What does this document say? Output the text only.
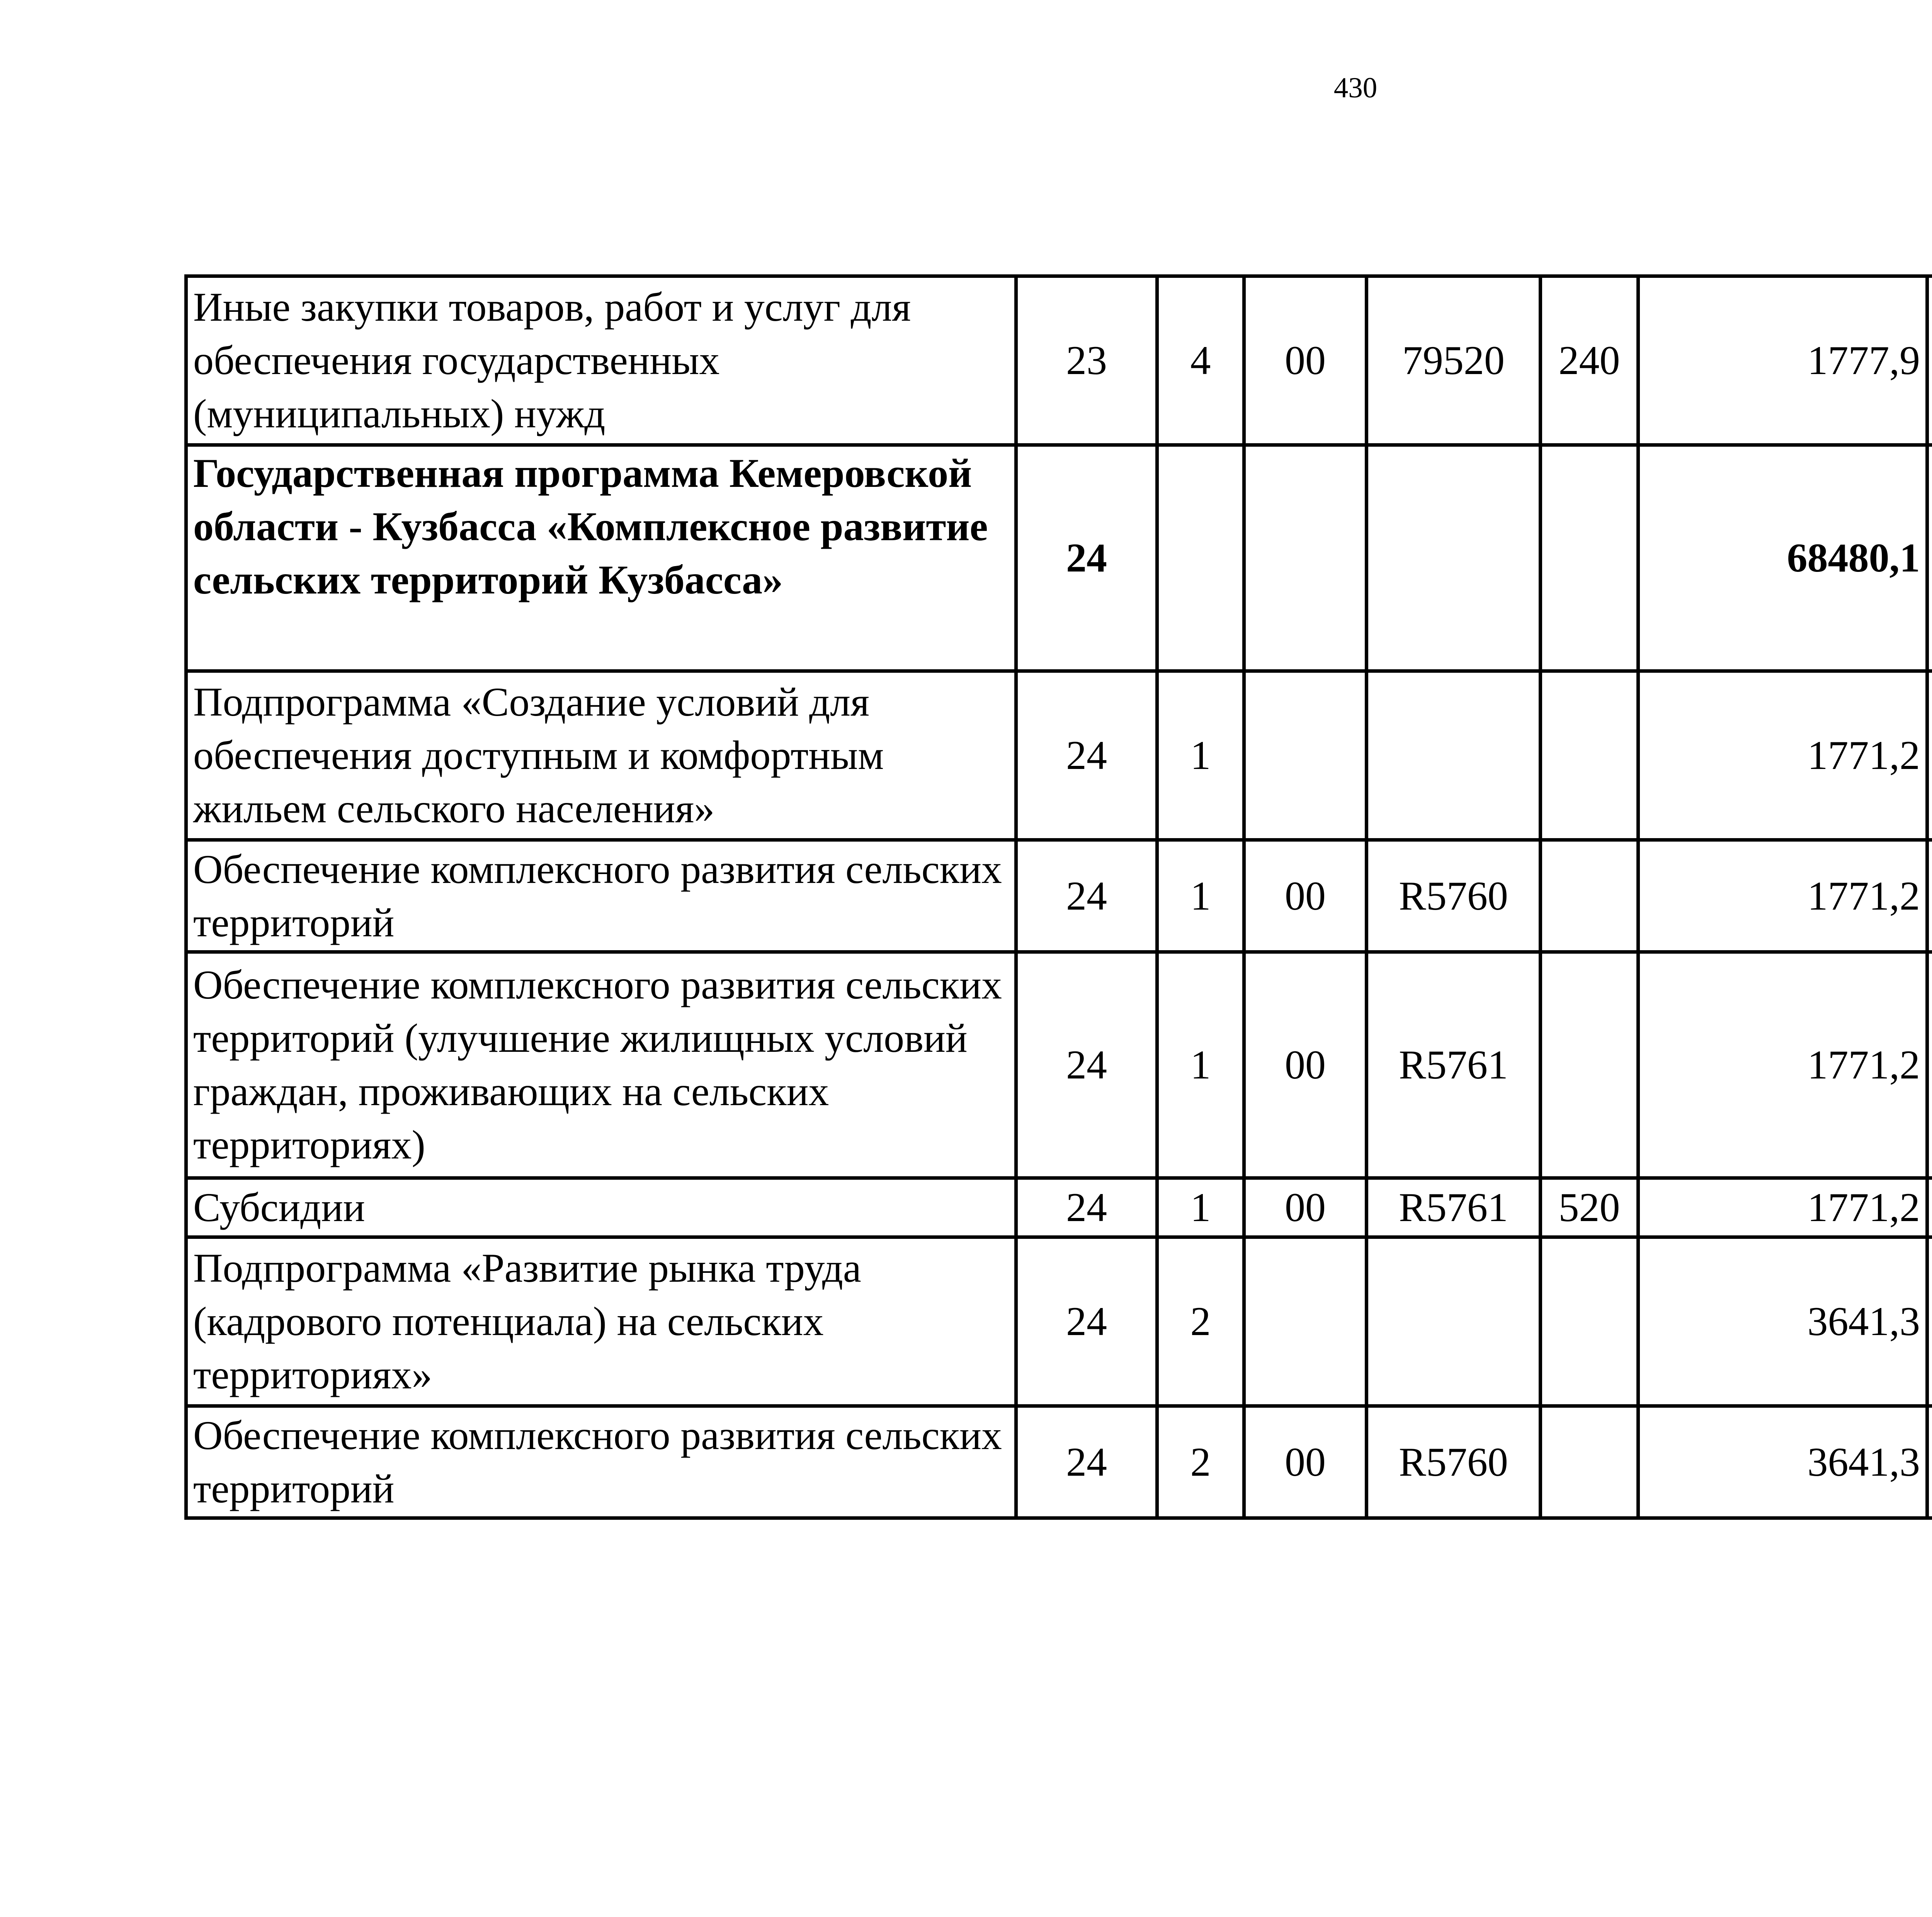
430
Иные закупки товаров, работ и услуг для обеспечения государственных (муниципальных) нужд	23	4	00	79520	240	1777,9		
Государственная программа Кемеровской области - Кузбасса «Комплексное развитие сельских территорий Кузбасса»	24					68480,1		
Подпрограмма «Создание условий для обеспечения доступным и комфортным жильем сельского населения»	24	1				1771,2		
Обеспечение комплексного развития сельских территорий	24	1	00	R5760		1771,2		
Обеспечение комплексного развития сельских территорий (улучшение жилищных условий граждан, проживающих на сельских территориях)	24	1	00	R5761		1771,2		
Субсидии	24	1	00	R5761	520	1771,2		
Подпрограмма «Развитие рынка труда (кадрового потенциала) на сельских территориях»	24	2				3641,3		
Обеспечение комплексного развития сельских территорий	24	2	00	R5760		3641,3		
